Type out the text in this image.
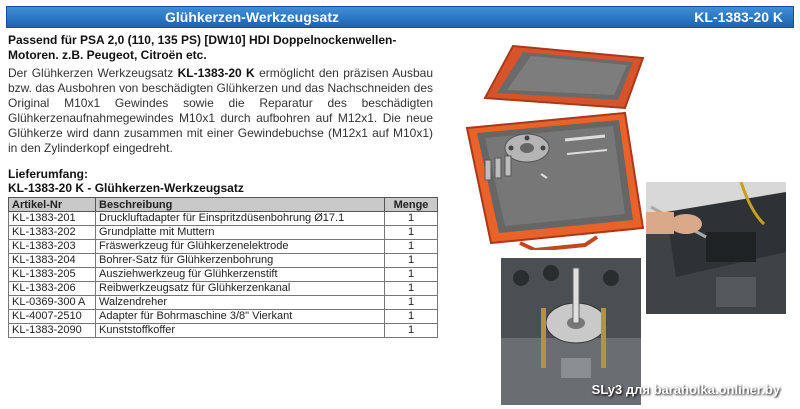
Glühkerzen-Werkzeugsatz	KL-1383-20 K
Passend für PSA 2,0 (110, 135 PS) [DW10] HDI Doppelnockenwellen-Motoren. z.B. Peugeot, Citroën etc.
Der Glühkerzen Werkzeugsatz KL-1383-20 K ermöglicht den präzisen Ausbau bzw. das Ausbohren von beschädigten Glühkerzen und das Nachschneiden des Original M10x1 Gewindes sowie die Reparatur des beschädigten Glühkerzenaufnahmegewindes M10x1 durch aufbohren auf M12x1. Die neue Glühkerze wird dann zusammen mit einer Gewindebuchse (M12x1 auf M10x1) in den Zylinderkopf eingedreht.
Lieferumfang:
KL-1383-20 K - Glühkerzen-Werkzeugsatz
Artikel-Nr	Beschreibung	Menge
KL-1383-201	Druckluftadapter für Einspritzdüsenbohrung Ø17.1	1
KL-1383-202	Grundplatte mit Muttern	1
KL-1383-203	Fräswerkzeug für Glühkerzenelektrode	1
KL-1383-204	Bohrer-Satz für Glühkerzenbohrung	1
KL-1383-205	Ausziehwerkzeug für Glühkerzenstift	1
KL-1383-206	Reibwerkzeugsatz für Glühkerzenkanal	1
KL-0369-300 A	Walzendreher	1
KL-4007-2510	Adapter für Bohrmaschine 3/8" Vierkant	1
KL-1383-2090	Kunststoffkoffer	1
SLy3 для baraholka.onliner.by
